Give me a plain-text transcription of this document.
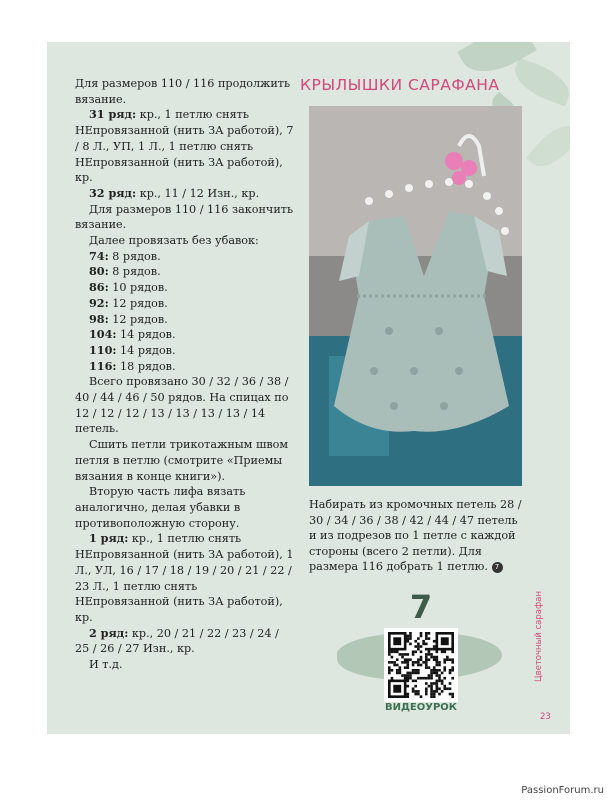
Для размеров 110 / 116 продолжить вязание.

31 ряд: кр., 1 петлю снять НЕпровязанной (нить ЗА работой), 7 / 8 Л., УП, 1 Л., 1 петлю снять НЕпровязанной (нить ЗА работой), кр.

32 ряд: кр., 11 / 12 Изн., кр.

Для размеров 110 / 116 закончить вязание.

Далее провязать без убавок:

74: 8 рядов.

80: 8 рядов.

86: 10 рядов.

92: 12 рядов.

98: 12 рядов.

104: 14 рядов.

110: 14 рядов.

116: 18 рядов.

Всего провязано 30 / 32 / 36 / 38 / 40 / 44 / 46 / 50 рядов. На спицах по 12 / 12 / 12 / 13 / 13 / 13 / 13 / 14 петель.

Сшить петли трикотажным швом петля в петлю (смотрите «Приемы вязания в конце книги»).

Вторую часть лифа вязать аналогично, делая убавки в противоположную сторону.

1 ряд: кр., 1 петлю снять НЕпровязанной (нить ЗА работой), 1 Л., УЛ, 16 / 17 / 18 / 19 / 20 / 21 / 22 / 23 Л., 1 петлю снять НЕпровязанной (нить ЗА работой), кр.

2 ряд: кр., 20 / 21 / 22 / 23 / 24 / 25 / 26 / 27 Изн., кр.

И т.д.

КРЫЛЫШКИ САРАФАНА
Набирать из кромочных петель 28 / 30 / 34 / 36 / 38 / 42 / 44 / 47 петель и из подрезов по 1 петле с каждой стороны (всего 2 петли). Для размера 116 добрать 1 петлю. 7
7
ВИДЕОУРОК
Цветочный сарафан
23
PassionForum.ru
